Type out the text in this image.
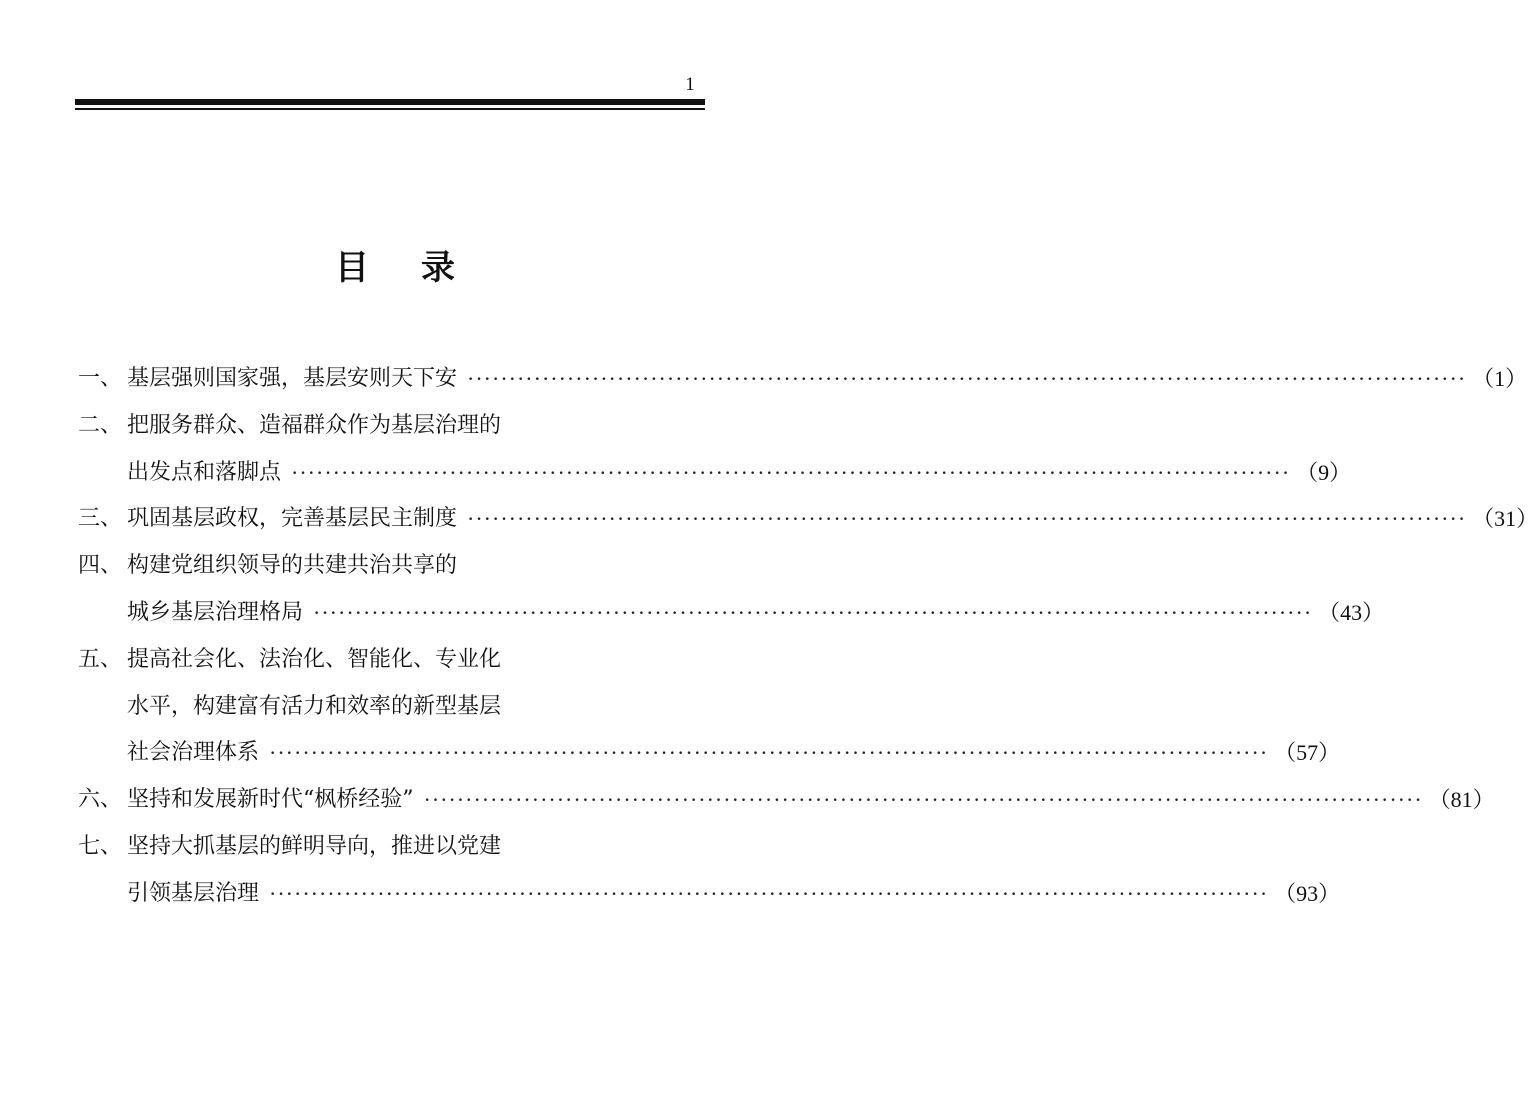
1
目录
一、 基层强则国家强，基层安则天下安 ························································································································ （1）
二、 把服务群众、造福群众作为基层治理的
出发点和落脚点 ························································································································ （9）
三、 巩固基层政权，完善基层民主制度 ························································································································ （31）
四、 构建党组织领导的共建共治共享的
城乡基层治理格局 ························································································································ （43）
五、 提高社会化、法治化、智能化、专业化
水平，构建富有活力和效率的新型基层
社会治理体系 ························································································································ （57）
六、 坚持和发展新时代“枫桥经验” ························································································································ （81）
七、 坚持大抓基层的鲜明导向，推进以党建
引领基层治理 ························································································································ （93）
